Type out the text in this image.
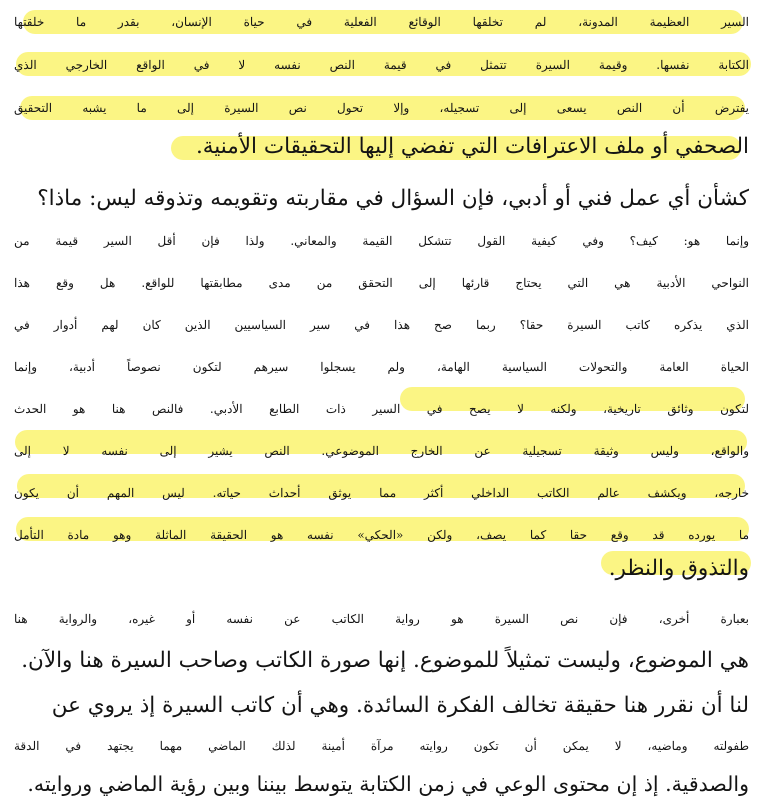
السير العظيمة المدونة، لم تخلقها الوقائع الفعلية في حياة الإنسان، بقدر ما خلقتها
الكتابة نفسها. وقيمة السيرة تتمثل في قيمة النص نفسه لا في الواقع الخارجي الذي
يفترض أن النص يسعى إلى تسجيله، وإلا تحول نص السيرة إلى ما يشبه التحقيق
الصحفي أو ملف الاعترافات التي تفضي إليها التحقيقات الأمنية.
كشأن أي عمل فني أو أدبي، فإن السؤال في مقاربته وتقويمه وتذوقه ليس: ماذا؟
وإنما هو: كيف؟ وفي كيفية القول تتشكل القيمة والمعاني. ولذا فإن أقل السير قيمة من
النواحي الأدبية هي التي يحتاج قارئها إلى التحقق من مدى مطابقتها للواقع. هل وقع هذا
الذي يذكره كاتب السيرة حقا؟ ربما صح هذا في سير السياسيين الذين كان لهم أدوار في
الحياة العامة والتحولات السياسية الهامة، ولم يسجلوا سيرهم لتكون نصوصاً أدبية، وإنما
لتكون وثائق تاريخية، ولكنه لا يصح في السير ذات الطابع الأدبي. فالنص هنا هو الحدث
والواقع، وليس وثيقة تسجيلية عن الخارج الموضوعي. النص يشير إلى نفسه لا إلى
خارجه، ويكشف عالم الكاتب الداخلي أكثر مما يوثق أحداث حياته. ليس المهم أن يكون
ما يورده قد وقع حقا كما يصف، ولكن «الحكي» نفسه هو الحقيقة الماثلة وهو مادة التأمل
والتذوق والنظر.
بعبارة أخرى، فإن نص السيرة هو رواية الكاتب عن نفسه أو غيره، والرواية هنا
هي الموضوع، وليست تمثيلاً للموضوع. إنها صورة الكاتب وصاحب السيرة هنا والآن.
لنا أن نقرر هنا حقيقة تخالف الفكرة السائدة. وهي أن كاتب السيرة إذ يروي عن
طفولته وماضيه، لا يمكن أن تكون روايته مرآة أمينة لذلك الماضي مهما يجتهد في الدقة
والصدقية. إذ إن محتوى الوعي في زمن الكتابة يتوسط بيننا وبين رؤية الماضي وروايته.
